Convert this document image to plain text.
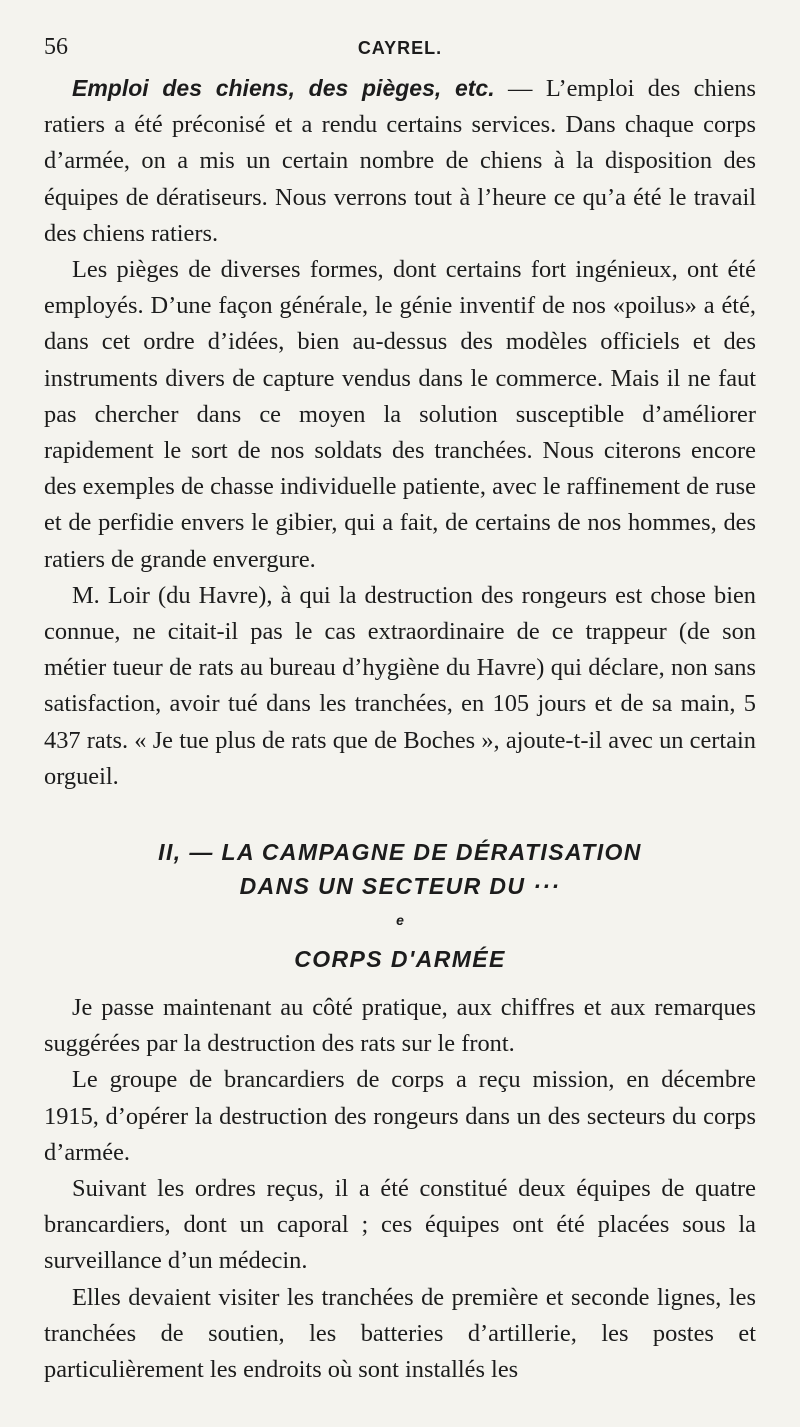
56	CAYREL.

Emploi des chiens, des pièges, etc. — L’emploi des chiens ratiers a été préconisé et a rendu certains services. Dans chaque corps d’armée, on a mis un certain nombre de chiens à la disposition des équipes de dératiseurs. Nous verrons tout à l’heure ce qu’a été le travail des chiens ratiers.

Les pièges de diverses formes, dont certains fort ingénieux, ont été employés. D’une façon générale, le génie inventif de nos «poilus» a été, dans cet ordre d’idées, bien au-dessus des modèles officiels et des instruments divers de capture vendus dans le commerce. Mais il ne faut pas chercher dans ce moyen la solution susceptible d’améliorer rapidement le sort de nos soldats des tranchées. Nous citerons encore des exemples de chasse individuelle patiente, avec le raffinement de ruse et de perfidie envers le gibier, qui a fait, de certains de nos hommes, des ratiers de grande envergure.

M. Loir (du Havre), à qui la destruction des rongeurs est chose bien connue, ne citait-il pas le cas extraordinaire de ce trappeur (de son métier tueur de rats au bureau d’hygiène du Havre) qui déclare, non sans satisfaction, avoir tué dans les tranchées, en 105 jours et de sa main, 5 437 rats. « Je tue plus de rats que de Boches », ajoute-t-il avec un certain orgueil.

II, — LA CAMPAGNE DE DÉRATISATION
DANS UN SECTEUR DU ···
$^e$
CORPS D'ARMÉE

Je passe maintenant au côté pratique, aux chiffres et aux remarques suggérées par la destruction des rats sur le front.

Le groupe de brancardiers de corps a reçu mission, en décembre 1915, d’opérer la destruction des rongeurs dans un des secteurs du corps d’armée.

Suivant les ordres reçus, il a été constitué deux équipes de quatre brancardiers, dont un caporal ; ces équipes ont été placées sous la surveillance d’un médecin.

Elles devaient visiter les tranchées de première et seconde lignes, les tranchées de soutien, les batteries d’artillerie, les postes et particulièrement les endroits où sont installés les
